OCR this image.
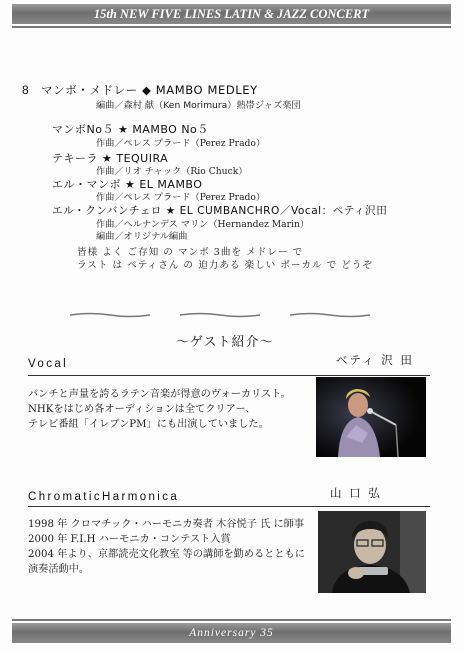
15th NEW FIVE LINES LATIN & JAZZ CONCERT
8 マンボ・メドレー ◆ MAMBO MEDLEY
編曲／森村 献（Ken Morimura）熱帯ジャズ楽団
マンボNo５ ★ MAMBO No５
作曲／ペレス プラード（Perez Prado）
テキーラ ★ TEQUIRA
作曲／リオ チャック（Rio Chuck）
エル・マンボ ★ EL MAMBO
作曲／ペレス プラード（Perez Prado）
エル・クンバンチェロ ★ EL CUMBANCHRO／Vocal：ペティ沢田
作曲／ヘルナンデス マリン（Hernandez Marin）
編曲／オリジナル編曲
皆様 よく ご存知 の マンボ 3曲を メドレー で
ラスト は ベティさん の 迫力ある 楽しい ボーカル で どうぞ
～ゲスト紹介～
Vocal	ベティ 沢 田
パンチと声量を誇るラテン音楽が得意のヴォーカリスト。
NHKをはじめ各オーディションは全てクリアー、
テレビ番組「イレブンPM」にも出演していました。
ChromaticHarmonica	山 口 弘
1998 年 クロマチック・ハーモニカ奏者 木谷悦子 氏 に師事
2000 年 F.I.H ハーモニカ・コンテスト入賞
2004 年より、京都読売文化教室 等の講師を勤めるとともに
演奏活動中。
Anniversary 35
